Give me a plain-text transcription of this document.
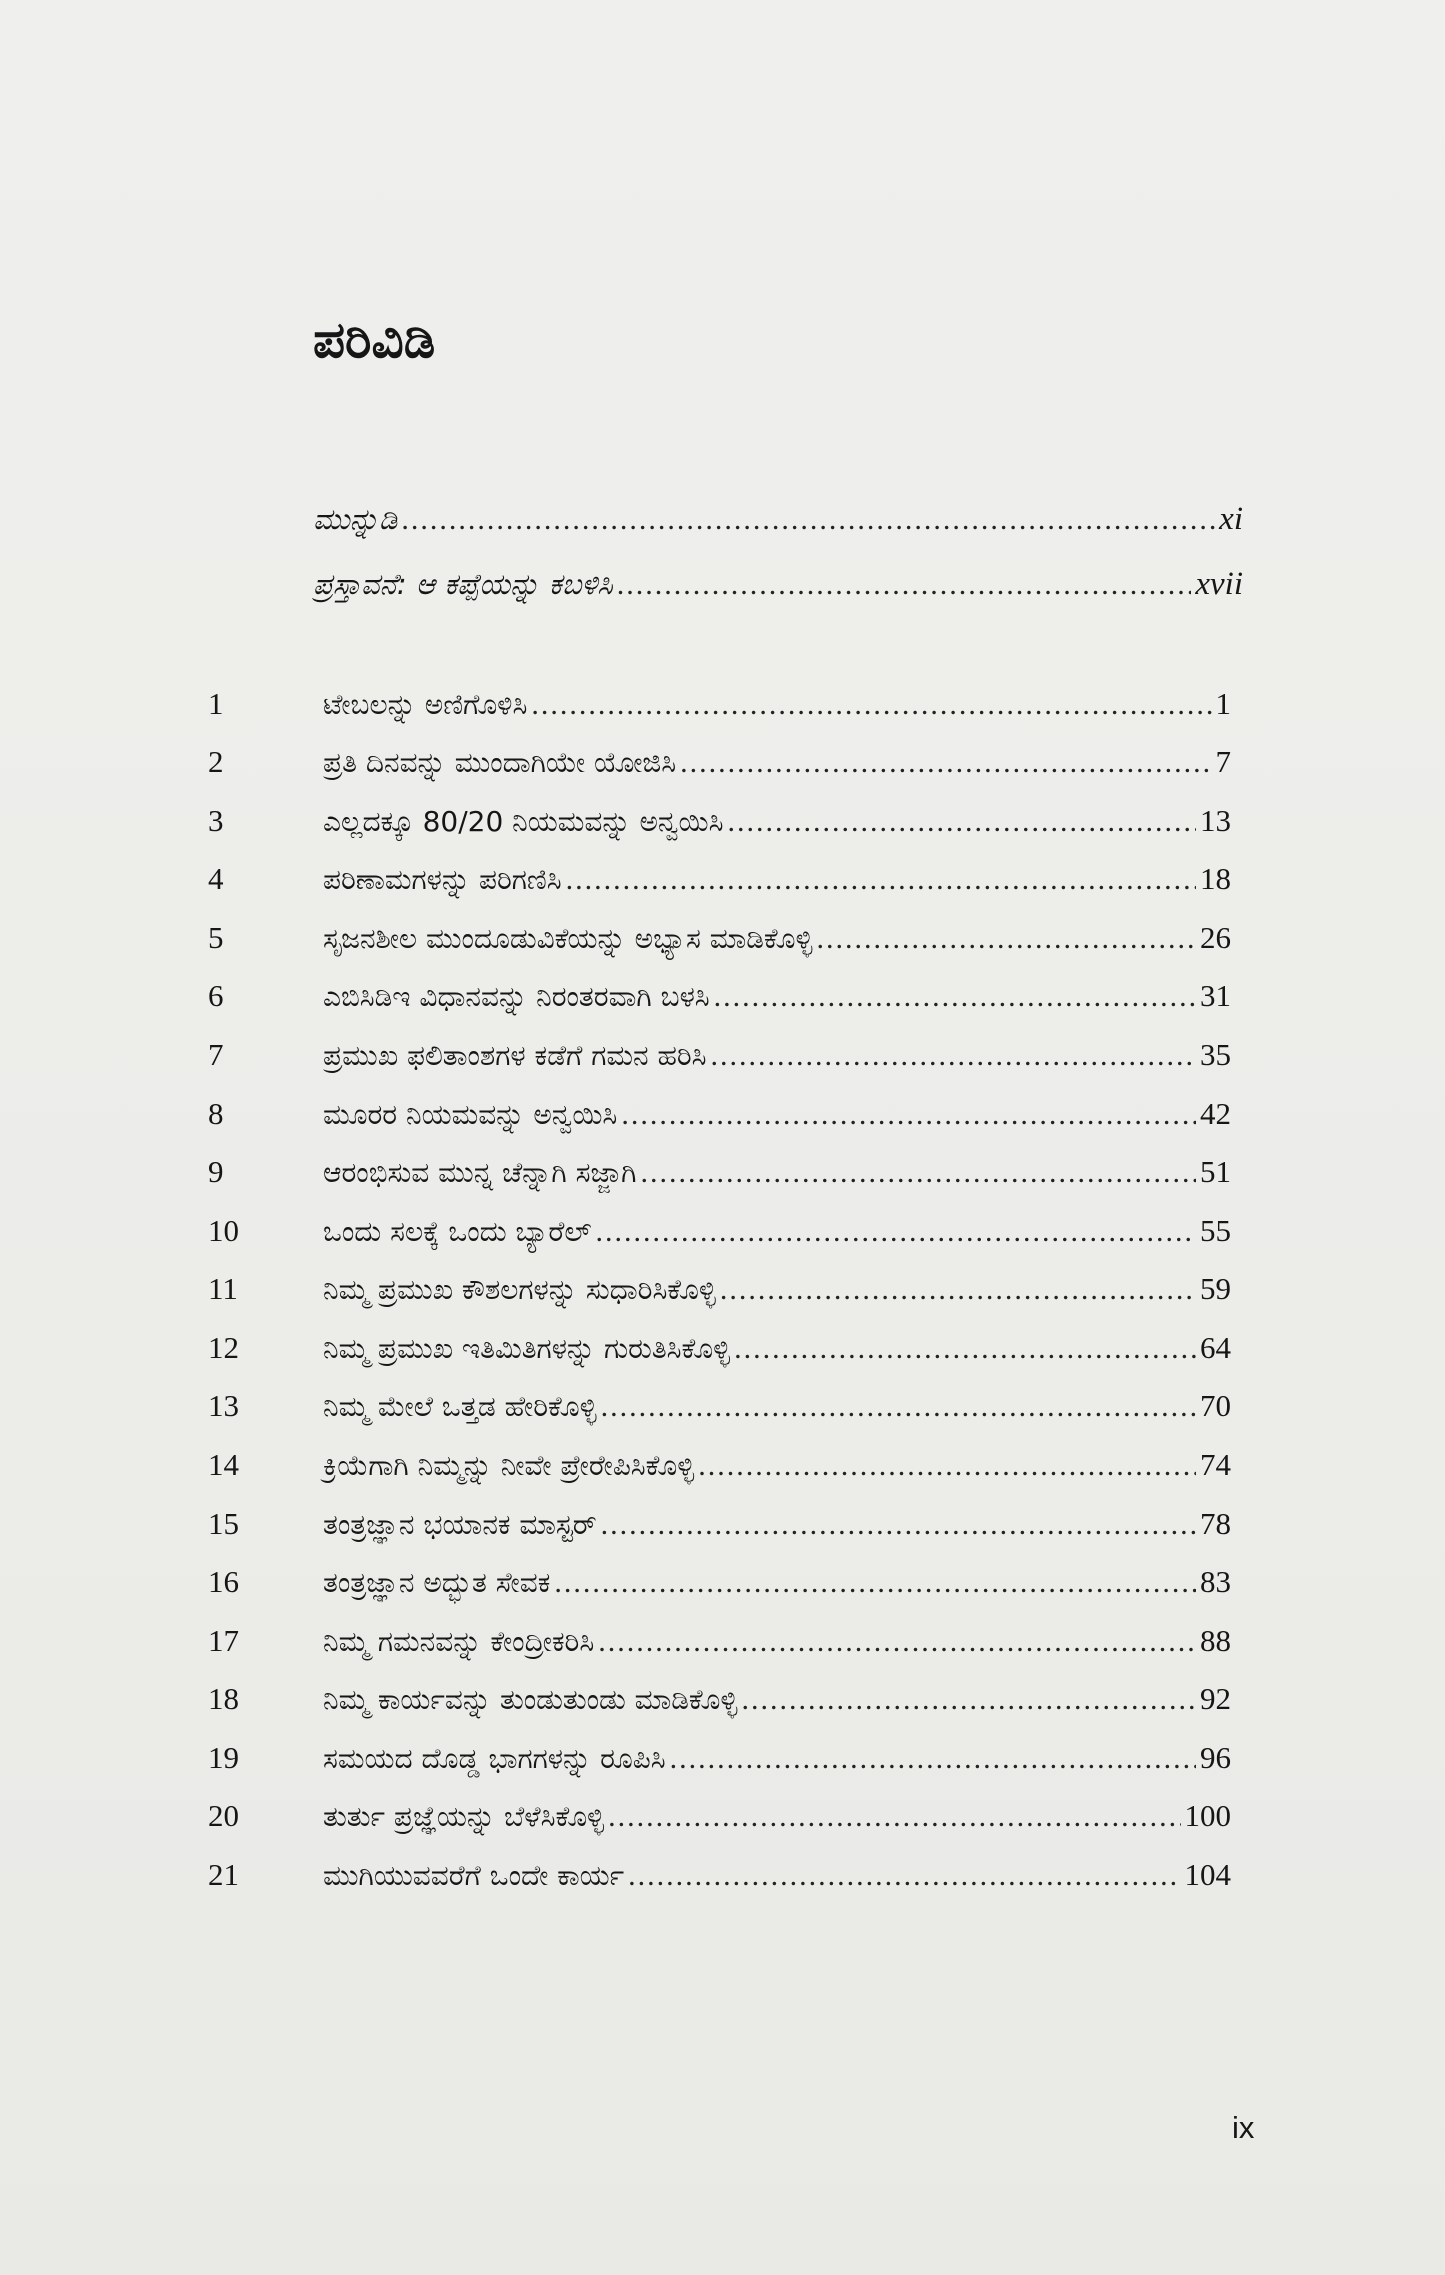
ಪರಿವಿಡಿ
ಮುನ್ನುಡಿ .....	xi
ಪ್ರಸ್ತಾವನೆ: ಆ ಕಪ್ಪೆಯನ್ನು ಕಬಳಿಸಿ .....	xvii
1	ಟೇಬಲನ್ನು ಅಣಿಗೊಳಿಸಿ .....	1
2	ಪ್ರತಿ ದಿನವನ್ನು ಮುಂದಾಗಿಯೇ ಯೋಜಿಸಿ .....	7
3	ಎಲ್ಲದಕ್ಕೂ 80/20 ನಿಯಮವನ್ನು ಅನ್ವಯಿಸಿ .....	13
4	ಪರಿಣಾಮಗಳನ್ನು ಪರಿಗಣಿಸಿ .....	18
5	ಸೃಜನಶೀಲ ಮುಂದೂಡುವಿಕೆಯನ್ನು ಅಭ್ಯಾಸ ಮಾಡಿಕೊಳ್ಳಿ .....	26
6	ಎಬಿಸಿಡಿಇ ವಿಧಾನವನ್ನು ನಿರಂತರವಾಗಿ ಬಳಸಿ .....	31
7	ಪ್ರಮುಖ ಫಲಿತಾಂಶಗಳ ಕಡೆಗೆ ಗಮನ ಹರಿಸಿ .....	35
8	ಮೂರರ ನಿಯಮವನ್ನು ಅನ್ವಯಿಸಿ .....	42
9	ಆರಂಭಿಸುವ ಮುನ್ನ ಚೆನ್ನಾಗಿ ಸಜ್ಜಾಗಿ .....	51
10	ಒಂದು ಸಲಕ್ಕೆ ಒಂದು ಬ್ಯಾರೆಲ್ .....	55
11	ನಿಮ್ಮ ಪ್ರಮುಖ ಕೌಶಲಗಳನ್ನು ಸುಧಾರಿಸಿಕೊಳ್ಳಿ .....	59
12	ನಿಮ್ಮ ಪ್ರಮುಖ ಇತಿಮಿತಿಗಳನ್ನು ಗುರುತಿಸಿಕೊಳ್ಳಿ .....	64
13	ನಿಮ್ಮ ಮೇಲೆ ಒತ್ತಡ ಹೇರಿಕೊಳ್ಳಿ .....	70
14	ಕ್ರಿಯೆಗಾಗಿ ನಿಮ್ಮನ್ನು ನೀವೇ ಪ್ರೇರೇಪಿಸಿಕೊಳ್ಳಿ .....	74
15	ತಂತ್ರಜ್ಞಾನ ಭಯಾನಕ ಮಾಸ್ಟರ್ .....	78
16	ತಂತ್ರಜ್ಞಾನ ಅದ್ಭುತ ಸೇವಕ .....	83
17	ನಿಮ್ಮ ಗಮನವನ್ನು ಕೇಂದ್ರೀಕರಿಸಿ .....	88
18	ನಿಮ್ಮ ಕಾರ್ಯವನ್ನು ತುಂಡುತುಂಡು ಮಾಡಿಕೊಳ್ಳಿ .....	92
19	ಸಮಯದ ದೊಡ್ಡ ಭಾಗಗಳನ್ನು ರೂಪಿಸಿ .....	96
20	ತುರ್ತು ಪ್ರಜ್ಞೆಯನ್ನು ಬೆಳೆಸಿಕೊಳ್ಳಿ .....	100
21	ಮುಗಿಯುವವರೆಗೆ ಒಂದೇ ಕಾರ್ಯ .....	104
ix
